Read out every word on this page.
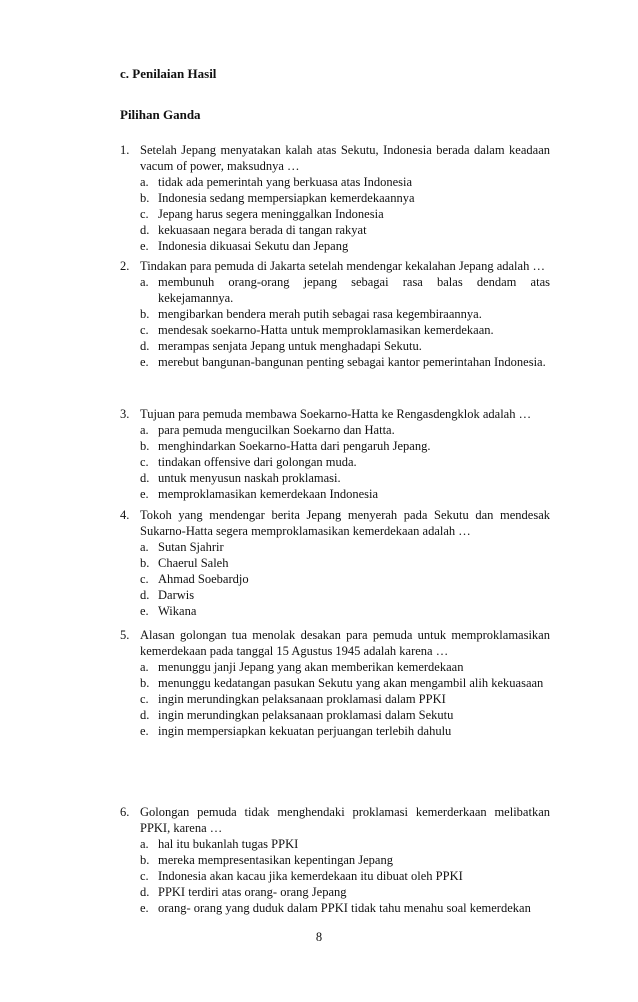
c. Penilaian Hasil
Pilihan Ganda
1. Setelah Jepang menyatakan kalah atas Sekutu, Indonesia berada dalam keadaan vacum of power, maksudnya …
a. tidak ada pemerintah yang berkuasa atas Indonesia
b. Indonesia sedang mempersiapkan kemerdekaannya
c. Jepang harus segera meninggalkan Indonesia
d. kekuasaan negara berada di tangan rakyat
e. Indonesia dikuasai Sekutu dan Jepang
2. Tindakan para pemuda di Jakarta setelah mendengar kekalahan Jepang adalah …
a. membunuh orang-orang jepang sebagai rasa balas dendam atas kekejamannya.
b. mengibarkan bendera merah putih sebagai rasa kegembiraannya.
c. mendesak soekarno-Hatta untuk memproklamasikan kemerdekaan.
d. merampas senjata Jepang untuk menghadapi Sekutu.
e. merebut bangunan-bangunan penting sebagai kantor pemerintahan Indonesia.
3. Tujuan para pemuda membawa Soekarno-Hatta ke Rengasdengklok adalah …
a. para pemuda mengucilkan Soekarno dan Hatta.
b. menghindarkan Soekarno-Hatta dari pengaruh Jepang.
c. tindakan offensive dari golongan muda.
d. untuk menyusun naskah proklamasi.
e. memproklamasikan kemerdekaan Indonesia
4. Tokoh yang mendengar berita Jepang menyerah pada Sekutu dan mendesak Sukarno-Hatta segera memproklamasikan kemerdekaan adalah …
a. Sutan Sjahrir
b. Chaerul Saleh
c. Ahmad Soebardjo
d. Darwis
e. Wikana
5. Alasan golongan tua menolak desakan para pemuda untuk memproklamasikan kemerdekaan pada tanggal 15 Agustus 1945 adalah karena …
a. menunggu janji Jepang yang akan memberikan kemerdekaan
b. menunggu kedatangan pasukan Sekutu yang akan mengambil alih kekuasaan
c. ingin merundingkan pelaksanaan proklamasi dalam PPKI
d. ingin merundingkan pelaksanaan proklamasi dalam Sekutu
e. ingin mempersiapkan kekuatan perjuangan terlebih dahulu
6. Golongan pemuda tidak menghendaki proklamasi kemerderkaan melibatkan PPKI, karena …
a. hal itu bukanlah tugas PPKI
b. mereka mempresentasikan kepentingan Jepang
c. Indonesia akan kacau jika kemerdekaan itu dibuat oleh PPKI
d. PPKI terdiri atas orang- orang Jepang
e. orang- orang yang duduk dalam PPKI tidak tahu menahu soal kemerdekan
8
